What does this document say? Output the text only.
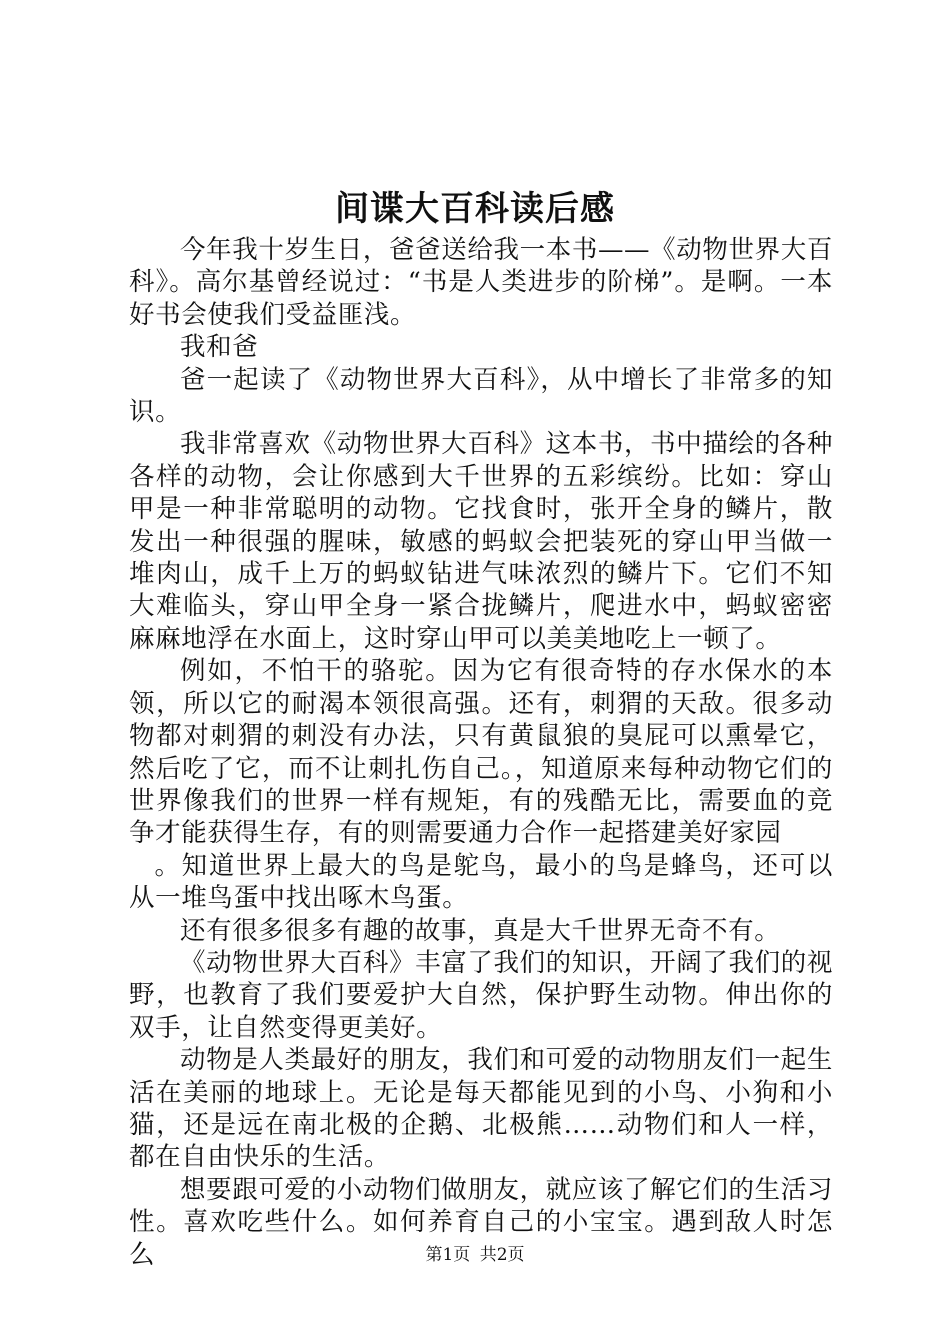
间谍大百科读后感

今年我十岁生日，爸爸送给我一本书——《动物世界大百科》。高尔基曾经说过：“书是人类进步的阶梯”。是啊。一本好书会使我们受益匪浅。

我和爸

爸一起读了《动物世界大百科》，从中增长了非常多的知识。

我非常喜欢《动物世界大百科》这本书，书中描绘的各种各样的动物，会让你感到大千世界的五彩缤纷。比如：穿山甲是一种非常聪明的动物。它找食时，张开全身的鳞片，散发出一种很强的腥味，敏感的蚂蚁会把装死的穿山甲当做一堆肉山，成千上万的蚂蚁钻进气味浓烈的鳞片下。它们不知大难临头，穿山甲全身一紧合拢鳞片，爬进水中，蚂蚁密密麻麻地浮在水面上，这时穿山甲可以美美地吃上一顿了。

例如，不怕干的骆驼。因为它有很奇特的存水保水的本领，所以它的耐渴本领很高强。还有，刺猬的天敌。很多动物都对刺猬的刺没有办法，只有黄鼠狼的臭屁可以熏晕它，然后吃了它，而不让刺扎伤自己。，知道原来每种动物它们的世界像我们的世界一样有规矩，有的残酷无比，需要血的竞争才能获得生存，有的则需要通力合作一起搭建美好家园

。知道世界上最大的鸟是鸵鸟，最小的鸟是蜂鸟，还可以从一堆鸟蛋中找出啄木鸟蛋。

还有很多很多有趣的故事，真是大千世界无奇不有。

《动物世界大百科》丰富了我们的知识，开阔了我们的视野，也教育了我们要爱护大自然，保护野生动物。伸出你的双手，让自然变得更美好。

动物是人类最好的朋友，我们和可爱的动物朋友们一起生活在美丽的地球上。无论是每天都能见到的小鸟、小狗和小猫，还是远在南北极的企鹅、北极熊……动物们和人一样，都在自由快乐的生活。

想要跟可爱的小动物们做朋友，就应该了解它们的生活习性。喜欢吃些什么。如何养育自己的小宝宝。遇到敌人时怎么	第1页 共2页
